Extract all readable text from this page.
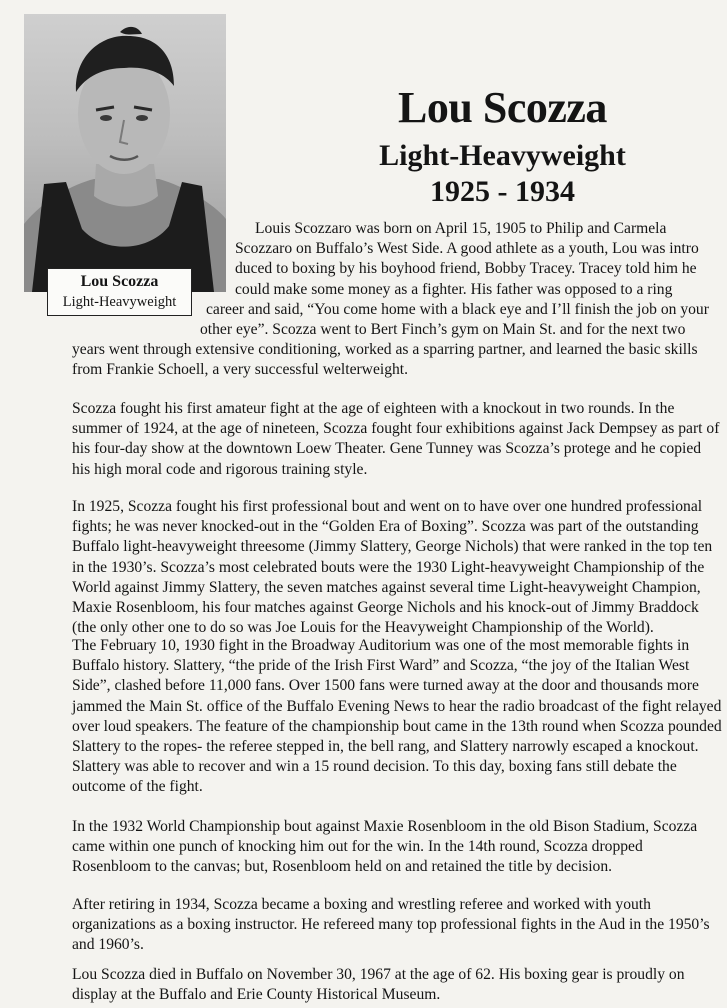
Lou Scozza
Light-Heavyweight
Lou Scozza
Light-Heavyweight
1925 - 1934
Louis Scozzaro was born on April 15, 1905 to Philip and Carmela
Scozzaro on Buffalo’s West Side. A good athlete as a youth, Lou was intro
duced to boxing by his boyhood friend, Bobby Tracey. Tracey told him he
could make some money as a fighter. His father was opposed to a ring
career and said, “You come home with a black eye and I’ll finish the job on your
other eye”. Scozza went to Bert Finch’s gym on Main St. and for the next two
years went through extensive conditioning, worked as a sparring partner, and learned the basic skills
from Frankie Schoell, a very successful welterweight.
Scozza fought his first amateur fight at the age of eighteen with a knockout in two rounds. In the summer of 1924, at the age of nineteen, Scozza fought four exhibitions against Jack Dempsey as part of his four-day show at the downtown Loew Theater. Gene Tunney was Scozza’s protege and he copied his high moral code and rigorous training style.
In 1925, Scozza fought his first professional bout and went on to have over one hundred professional fights; he was never knocked-out in the “Golden Era of Boxing”. Scozza was part of the outstanding Buffalo light-heavyweight threesome (Jimmy Slattery, George Nichols) that were ranked in the top ten in the 1930’s. Scozza’s most celebrated bouts were the 1930 Light-heavyweight Championship of the World against Jimmy Slattery, the seven matches against several time Light-heavyweight Champion, Maxie Rosenbloom, his four matches against George Nichols and his knock-out of Jimmy Braddock (the only other one to do so was Joe Louis for the Heavyweight Championship of the World).
The February 10, 1930 fight in the Broadway Auditorium was one of the most memorable fights in Buffalo history. Slattery, “the pride of the Irish First Ward” and Scozza, “the joy of the Italian West Side”, clashed before 11,000 fans. Over 1500 fans were turned away at the door and thousands more jammed the Main St. office of the Buffalo Evening News to hear the radio broadcast of the fight relayed over loud speakers. The feature of the championship bout came in the 13th round when Scozza pounded Slattery to the ropes- the referee stepped in, the bell rang, and Slattery narrowly escaped a knockout. Slattery was able to recover and win a 15 round decision. To this day, boxing fans still debate the outcome of the fight.
In the 1932 World Championship bout against Maxie Rosenbloom in the old Bison Stadium, Scozza came within one punch of knocking him out for the win. In the 14th round, Scozza dropped Rosenbloom to the canvas; but, Rosenbloom held on and retained the title by decision.
After retiring in 1934, Scozza became a boxing and wrestling referee and worked with youth organizations as a boxing instructor. He refereed many top professional fights in the Aud in the 1950’s and 1960’s.
Lou Scozza died in Buffalo on November 30, 1967 at the age of 62. His boxing gear is proudly on display at the Buffalo and Erie County Historical Museum.
